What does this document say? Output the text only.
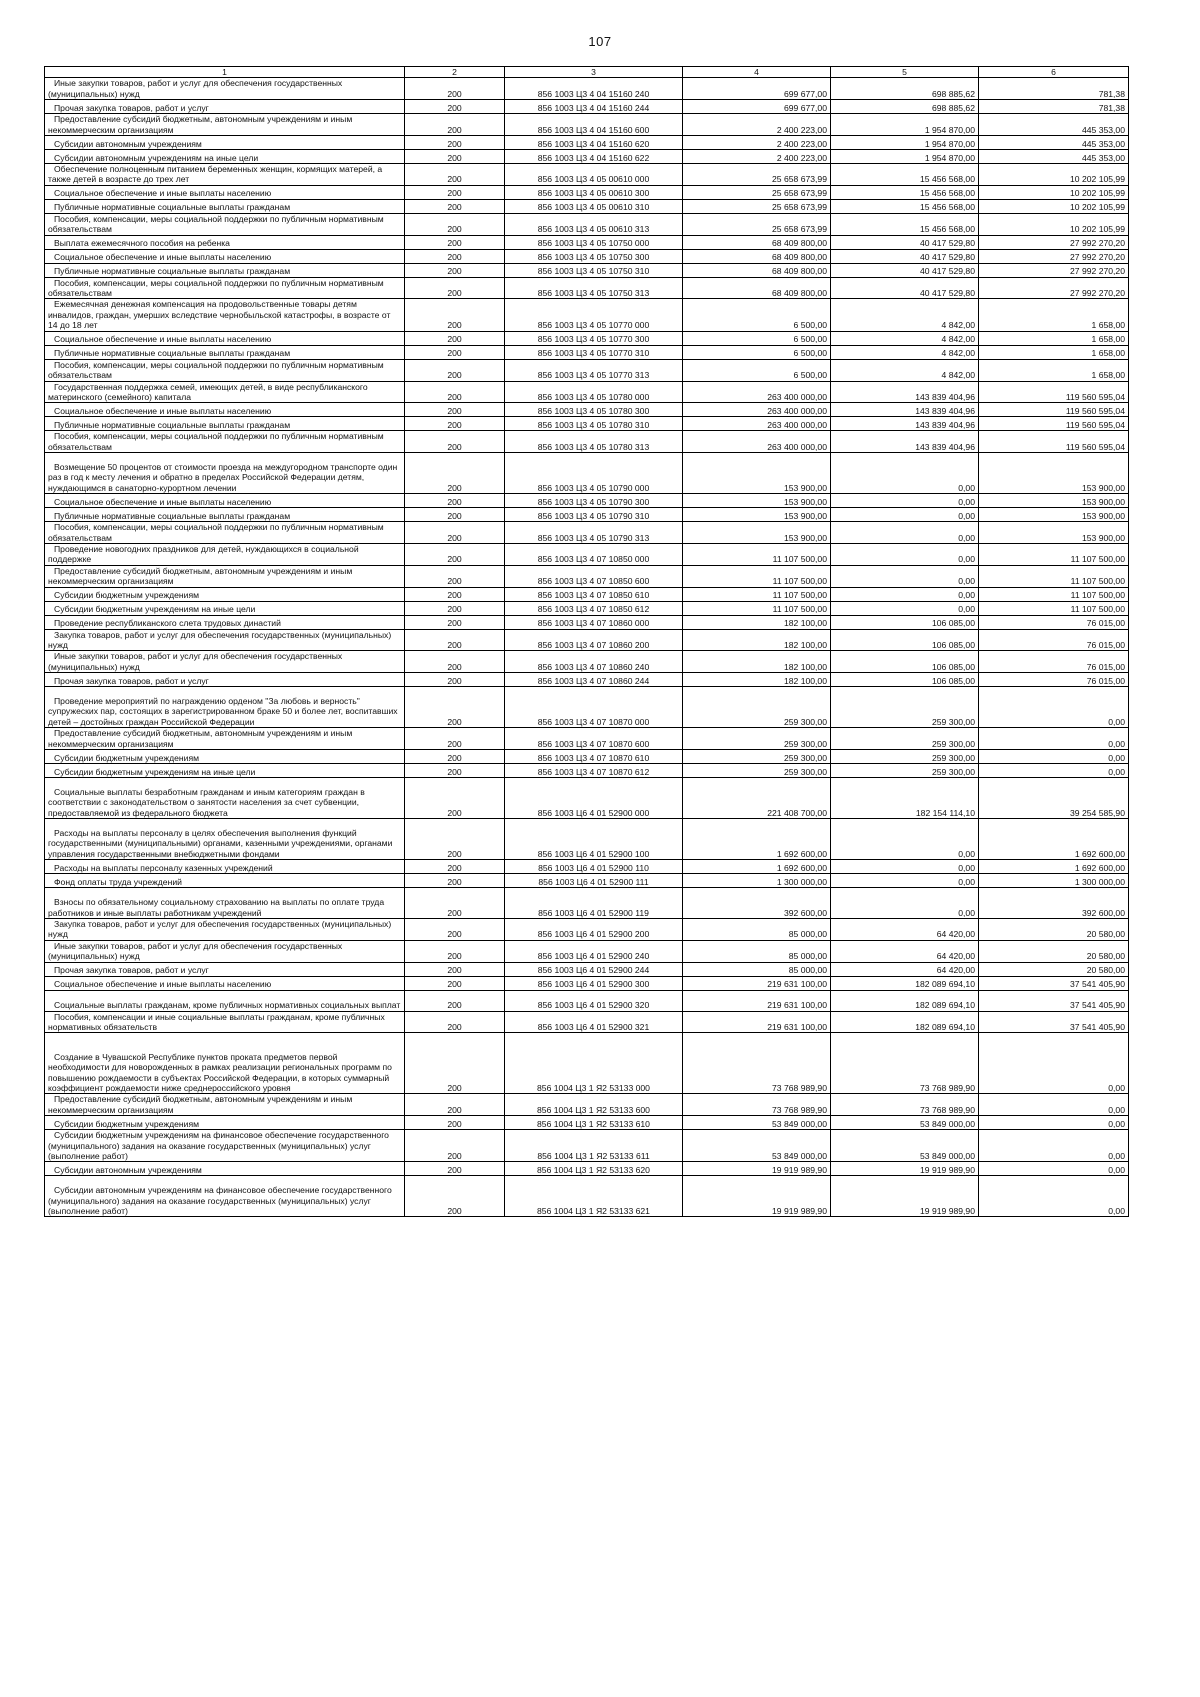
107
1	2	3	4	5	6
Иные закупки товаров, работ и услуг для обеспечения государственных (муниципальных) нужд	200	856 1003 Ц3 4 04 15160 240	699 677,00	698 885,62	781,38
Прочая закупка товаров, работ и услуг	200	856 1003 Ц3 4 04 15160 244	699 677,00	698 885,62	781,38
Предоставление субсидий бюджетным, автономным учреждениям и иным некоммерческим организациям	200	856 1003 Ц3 4 04 15160 600	2 400 223,00	1 954 870,00	445 353,00
Субсидии автономным учреждениям	200	856 1003 Ц3 4 04 15160 620	2 400 223,00	1 954 870,00	445 353,00
Субсидии автономным учреждениям на иные цели	200	856 1003 Ц3 4 04 15160 622	2 400 223,00	1 954 870,00	445 353,00
Обеспечение полноценным питанием беременных женщин, кормящих матерей, а также детей в возрасте до трех лет	200	856 1003 Ц3 4 05 00610 000	25 658 673,99	15 456 568,00	10 202 105,99
Социальное обеспечение и иные выплаты населению	200	856 1003 Ц3 4 05 00610 300	25 658 673,99	15 456 568,00	10 202 105,99
Публичные нормативные социальные выплаты гражданам	200	856 1003 Ц3 4 05 00610 310	25 658 673,99	15 456 568,00	10 202 105,99
Пособия, компенсации, меры социальной поддержки по публичным нормативным обязательствам	200	856 1003 Ц3 4 05 00610 313	25 658 673,99	15 456 568,00	10 202 105,99
Выплата ежемесячного пособия на ребенка	200	856 1003 Ц3 4 05 10750 000	68 409 800,00	40 417 529,80	27 992 270,20
Социальное обеспечение и иные выплаты населению	200	856 1003 Ц3 4 05 10750 300	68 409 800,00	40 417 529,80	27 992 270,20
Публичные нормативные социальные выплаты гражданам	200	856 1003 Ц3 4 05 10750 310	68 409 800,00	40 417 529,80	27 992 270,20
Пособия, компенсации, меры социальной поддержки по публичным нормативным обязательствам	200	856 1003 Ц3 4 05 10750 313	68 409 800,00	40 417 529,80	27 992 270,20
Ежемесячная денежная компенсация на продовольственные товары детям инвалидов, граждан, умерших вследствие чернобыльской катастрофы, в возрасте от 14 до 18 лет	200	856 1003 Ц3 4 05 10770 000	6 500,00	4 842,00	1 658,00
Социальное обеспечение и иные выплаты населению	200	856 1003 Ц3 4 05 10770 300	6 500,00	4 842,00	1 658,00
Публичные нормативные социальные выплаты гражданам	200	856 1003 Ц3 4 05 10770 310	6 500,00	4 842,00	1 658,00
Пособия, компенсации, меры социальной поддержки по публичным нормативным обязательствам	200	856 1003 Ц3 4 05 10770 313	6 500,00	4 842,00	1 658,00
Государственная поддержка семей, имеющих детей, в виде республиканского материнского (семейного) капитала	200	856 1003 Ц3 4 05 10780 000	263 400 000,00	143 839 404,96	119 560 595,04
Социальное обеспечение и иные выплаты населению	200	856 1003 Ц3 4 05 10780 300	263 400 000,00	143 839 404,96	119 560 595,04
Публичные нормативные социальные выплаты гражданам	200	856 1003 Ц3 4 05 10780 310	263 400 000,00	143 839 404,96	119 560 595,04
Пособия, компенсации, меры социальной поддержки по публичным нормативным обязательствам	200	856 1003 Ц3 4 05 10780 313	263 400 000,00	143 839 404,96	119 560 595,04
Возмещение 50 процентов от стоимости проезда на междугородном транспорте один раз в год к месту лечения и обратно в пределах Российской Федерации детям, нуждающимся в санаторно-курортном лечении	200	856 1003 Ц3 4 05 10790 000	153 900,00	0,00	153 900,00
Социальное обеспечение и иные выплаты населению	200	856 1003 Ц3 4 05 10790 300	153 900,00	0,00	153 900,00
Публичные нормативные социальные выплаты гражданам	200	856 1003 Ц3 4 05 10790 310	153 900,00	0,00	153 900,00
Пособия, компенсации, меры социальной поддержки по публичным нормативным обязательствам	200	856 1003 Ц3 4 05 10790 313	153 900,00	0,00	153 900,00
Проведение новогодних праздников для детей, нуждающихся в социальной поддержке	200	856 1003 Ц3 4 07 10850 000	11 107 500,00	0,00	11 107 500,00
Предоставление субсидий бюджетным, автономным учреждениям и иным некоммерческим организациям	200	856 1003 Ц3 4 07 10850 600	11 107 500,00	0,00	11 107 500,00
Субсидии бюджетным учреждениям	200	856 1003 Ц3 4 07 10850 610	11 107 500,00	0,00	11 107 500,00
Субсидии бюджетным учреждениям на иные цели	200	856 1003 Ц3 4 07 10850 612	11 107 500,00	0,00	11 107 500,00
Проведение республиканского слета трудовых династий	200	856 1003 Ц3 4 07 10860 000	182 100,00	106 085,00	76 015,00
Закупка товаров, работ и услуг для обеспечения государственных (муниципальных) нужд	200	856 1003 Ц3 4 07 10860 200	182 100,00	106 085,00	76 015,00
Иные закупки товаров, работ и услуг для обеспечения государственных (муниципальных) нужд	200	856 1003 Ц3 4 07 10860 240	182 100,00	106 085,00	76 015,00
Прочая закупка товаров, работ и услуг	200	856 1003 Ц3 4 07 10860 244	182 100,00	106 085,00	76 015,00
Проведение мероприятий по награждению орденом "За любовь и верность" супружеских пар, состоящих в зарегистрированном браке 50 и более лет, воспитавших детей – достойных граждан Российской Федерации	200	856 1003 Ц3 4 07 10870 000	259 300,00	259 300,00	0,00
Предоставление субсидий бюджетным, автономным учреждениям и иным некоммерческим организациям	200	856 1003 Ц3 4 07 10870 600	259 300,00	259 300,00	0,00
Субсидии бюджетным учреждениям	200	856 1003 Ц3 4 07 10870 610	259 300,00	259 300,00	0,00
Субсидии бюджетным учреждениям на иные цели	200	856 1003 Ц3 4 07 10870 612	259 300,00	259 300,00	0,00
Социальные выплаты безработным гражданам и иным категориям граждан в соответствии с законодательством о занятости населения за счет субвенции, предоставляемой из федерального бюджета	200	856 1003 Ц6 4 01 52900 000	221 408 700,00	182 154 114,10	39 254 585,90
Расходы на выплаты персоналу в целях обеспечения выполнения функций государственными (муниципальными) органами, казенными учреждениями, органами управления государственными внебюджетными фондами	200	856 1003 Ц6 4 01 52900 100	1 692 600,00	0,00	1 692 600,00
Расходы на выплаты персоналу казенных учреждений	200	856 1003 Ц6 4 01 52900 110	1 692 600,00	0,00	1 692 600,00
Фонд оплаты труда учреждений	200	856 1003 Ц6 4 01 52900 111	1 300 000,00	0,00	1 300 000,00
Взносы по обязательному социальному страхованию на выплаты по оплате труда работников и иные выплаты работникам учреждений	200	856 1003 Ц6 4 01 52900 119	392 600,00	0,00	392 600,00
Закупка товаров, работ и услуг для обеспечения государственных (муниципальных) нужд	200	856 1003 Ц6 4 01 52900 200	85 000,00	64 420,00	20 580,00
Иные закупки товаров, работ и услуг для обеспечения государственных (муниципальных) нужд	200	856 1003 Ц6 4 01 52900 240	85 000,00	64 420,00	20 580,00
Прочая закупка товаров, работ и услуг	200	856 1003 Ц6 4 01 52900 244	85 000,00	64 420,00	20 580,00
Социальное обеспечение и иные выплаты населению	200	856 1003 Ц6 4 01 52900 300	219 631 100,00	182 089 694,10	37 541 405,90
Социальные выплаты гражданам, кроме публичных нормативных социальных выплат	200	856 1003 Ц6 4 01 52900 320	219 631 100,00	182 089 694,10	37 541 405,90
Пособия, компенсации и иные социальные выплаты гражданам, кроме публичных нормативных обязательств	200	856 1003 Ц6 4 01 52900 321	219 631 100,00	182 089 694,10	37 541 405,90
Создание в Чувашской Республике пунктов проката предметов первой необходимости для новорожденных в рамках реализации региональных программ по повышению рождаемости в субъектах Российской Федерации, в которых суммарный коэффициент рождаемости ниже среднероссийского уровня	200	856 1004 Ц3 1 Я2 53133 000	73 768 989,90	73 768 989,90	0,00
Предоставление субсидий бюджетным, автономным учреждениям и иным некоммерческим организациям	200	856 1004 Ц3 1 Я2 53133 600	73 768 989,90	73 768 989,90	0,00
Субсидии бюджетным учреждениям	200	856 1004 Ц3 1 Я2 53133 610	53 849 000,00	53 849 000,00	0,00
Субсидии бюджетным учреждениям на финансовое обеспечение государственного (муниципального) задания на оказание государственных (муниципальных) услуг (выполнение работ)	200	856 1004 Ц3 1 Я2 53133 611	53 849 000,00	53 849 000,00	0,00
Субсидии автономным учреждениям	200	856 1004 Ц3 1 Я2 53133 620	19 919 989,90	19 919 989,90	0,00
Субсидии автономным учреждениям на финансовое обеспечение государственного (муниципального) задания на оказание государственных (муниципальных) услуг (выполнение работ)	200	856 1004 Ц3 1 Я2 53133 621	19 919 989,90	19 919 989,90	0,00
